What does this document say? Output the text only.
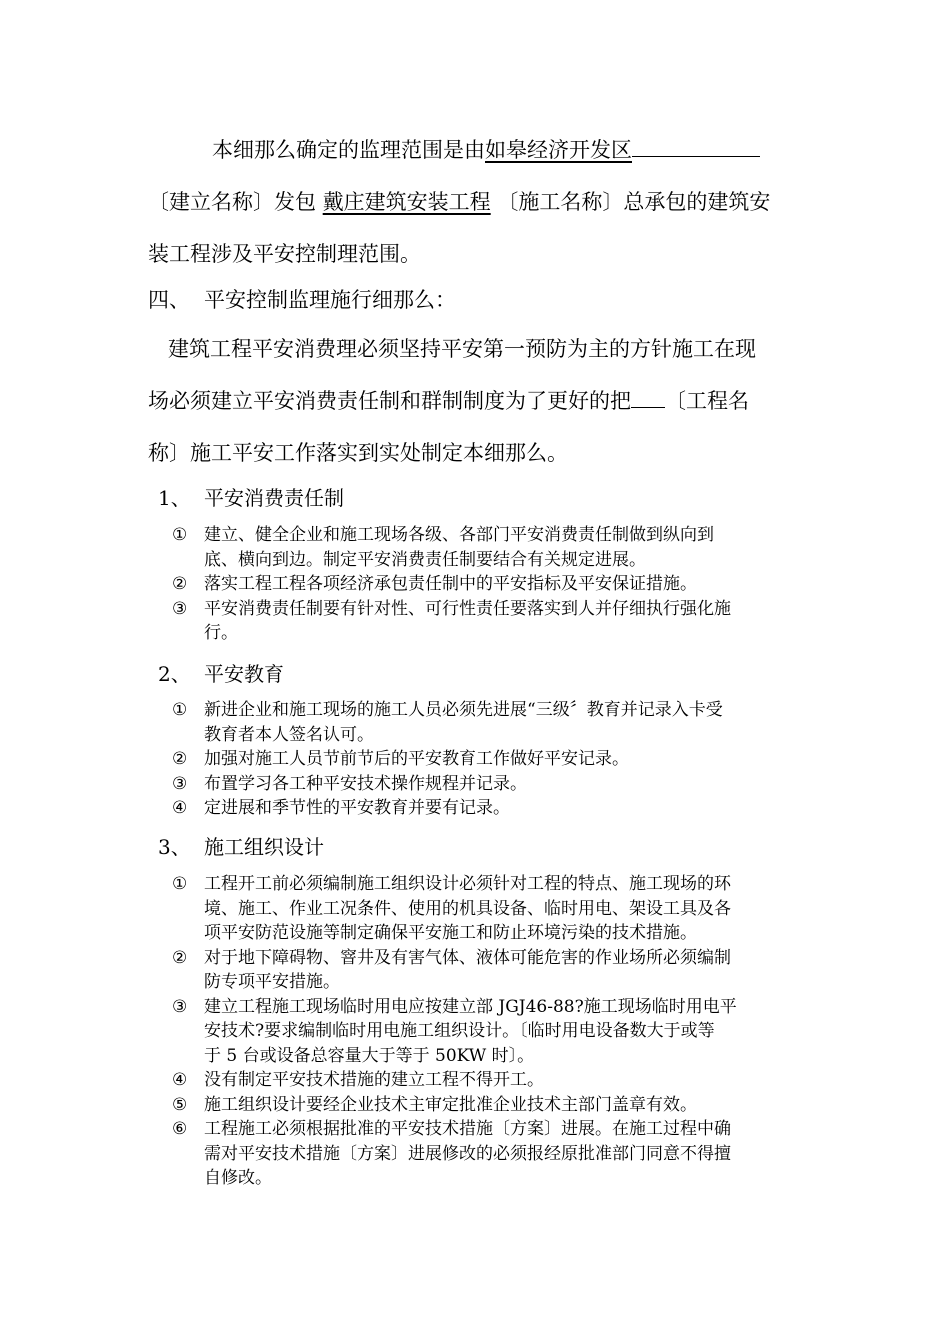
本细那么确定的监理范围是由如皋经济开发区
〔建立名称〕发包 戴庄建筑安装工程 〔施工名称〕总承包的建筑安
装工程涉及平安控制理范围。
四、 平安控制监理施行细那么：
建筑工程平安消费理必须坚持平安第一预防为主的方针施工在现
场必须建立平安消费责任制和群制制度为了更好的把 〔工程名
称〕施工平安工作落实到实处制定本细那么。
1、 平安消费责任制
① 建立、健全企业和施工现场各级、各部门平安消费责任制做到纵向到
底、横向到边。制定平安消费责任制要结合有关规定进展。
② 落实工程工程各项经济承包责任制中的平安指标及平安保证措施。
③ 平安消费责任制要有针对性、可行性责任要落实到人并仔细执行强化施
行。
2、 平安教育
① 新进企业和施工现场的施工人员必须先进展“三级〞教育并记录入卡受
教育者本人签名认可。
② 加强对施工人员节前节后的平安教育工作做好平安记录。
③ 布置学习各工种平安技术操作规程并记录。
④ 定进展和季节性的平安教育并要有记录。
3、 施工组织设计
① 工程开工前必须编制施工组织设计必须针对工程的特点、施工现场的环
境、施工、作业工况条件、使用的机具设备、临时用电、架设工具及各
项平安防范设施等制定确保平安施工和防止环境污染的技术措施。
② 对于地下障碍物、窨井及有害气体、液体可能危害的作业场所必须编制
防专项平安措施。
③ 建立工程施工现场临时用电应按建立部 JGJ46-88?施工现场临时用电平
安技术?要求编制临时用电施工组织设计。〔临时用电设备数大于或等
于 5 台或设备总容量大于等于 50KW 时〕。
④ 没有制定平安技术措施的建立工程不得开工。
⑤ 施工组织设计要经企业技术主审定批准企业技术主部门盖章有效。
⑥ 工程施工必须根据批准的平安技术措施〔方案〕进展。在施工过程中确
需对平安技术措施〔方案〕进展修改的必须报经原批准部门同意不得擅
自修改。
